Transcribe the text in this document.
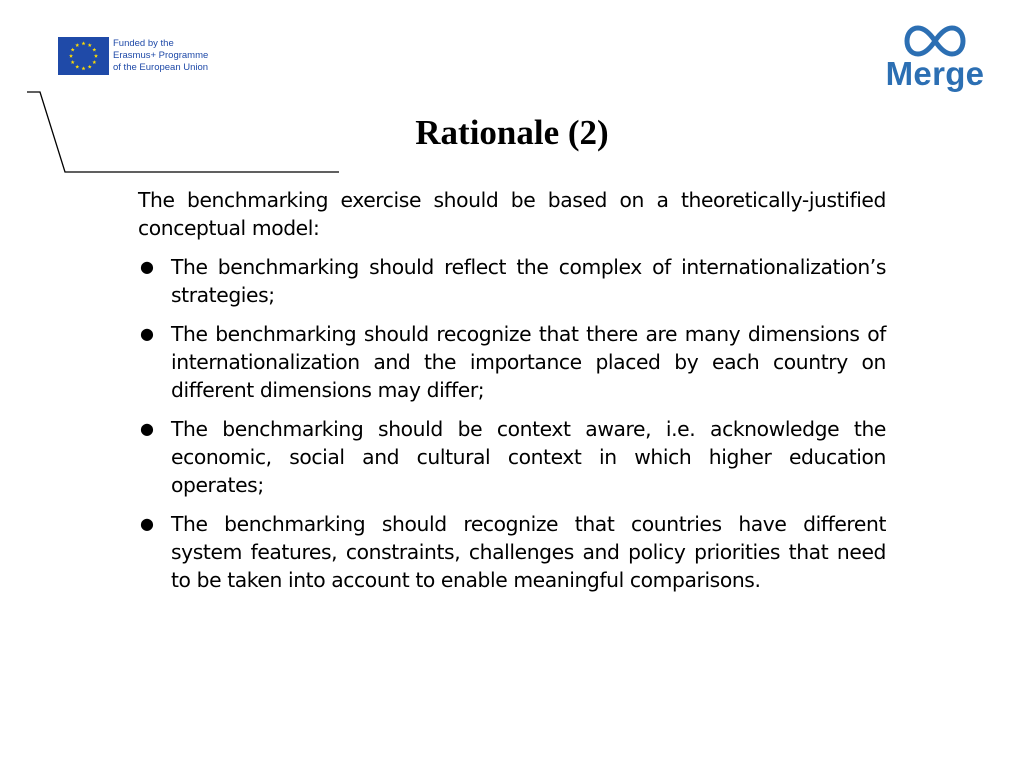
Funded by the
Erasmus+ Programme
of the European Union	Merge
Rationale (2)

The benchmarking exercise should be based on a theoretically-justified conceptual model:

● The benchmarking should reflect the complex of internationalization’s strategies;
● The benchmarking should recognize that there are many dimensions of internationalization and the importance placed by each country on different dimensions may differ;
● The benchmarking should be context aware, i.e. acknowledge the economic, social and cultural context in which higher education operates;
● The benchmarking should recognize that countries have different system features, constraints, challenges and policy priorities that need to be taken into account to enable meaningful comparisons.
